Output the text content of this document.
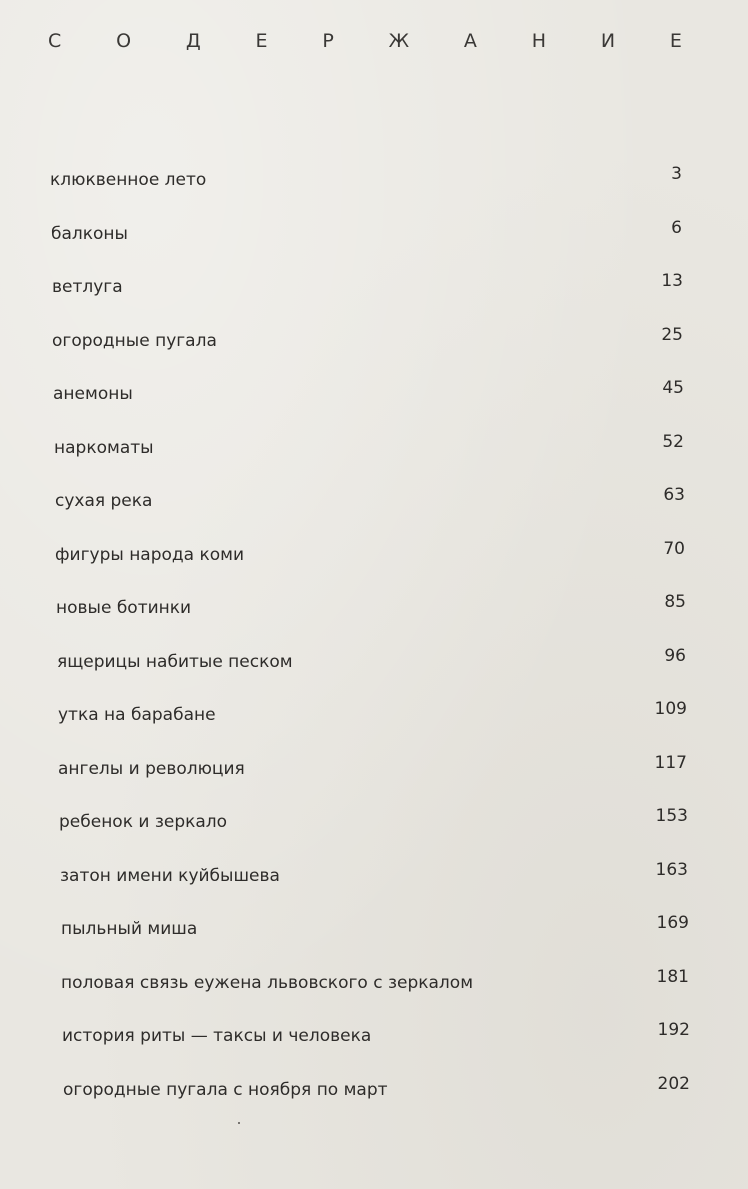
С	О	Д	Е	Р	Ж	А	Н	И	Е
клюквенное лето	3
балконы	6
ветлуга	13
огородные пугала	25
анемоны	45
наркоматы	52
сухая река	63
фигуры народа коми	70
новые ботинки	85
ящерицы набитые песком	96
утка на барабане	109
ангелы и революция	117
ребенок и зеркало	153
затон имени куйбышева	163
пыльный миша	169
половая связь еужена львовского с зеркалом	181
история риты — таксы и человека	192
огородные пугала с ноября по март	202
